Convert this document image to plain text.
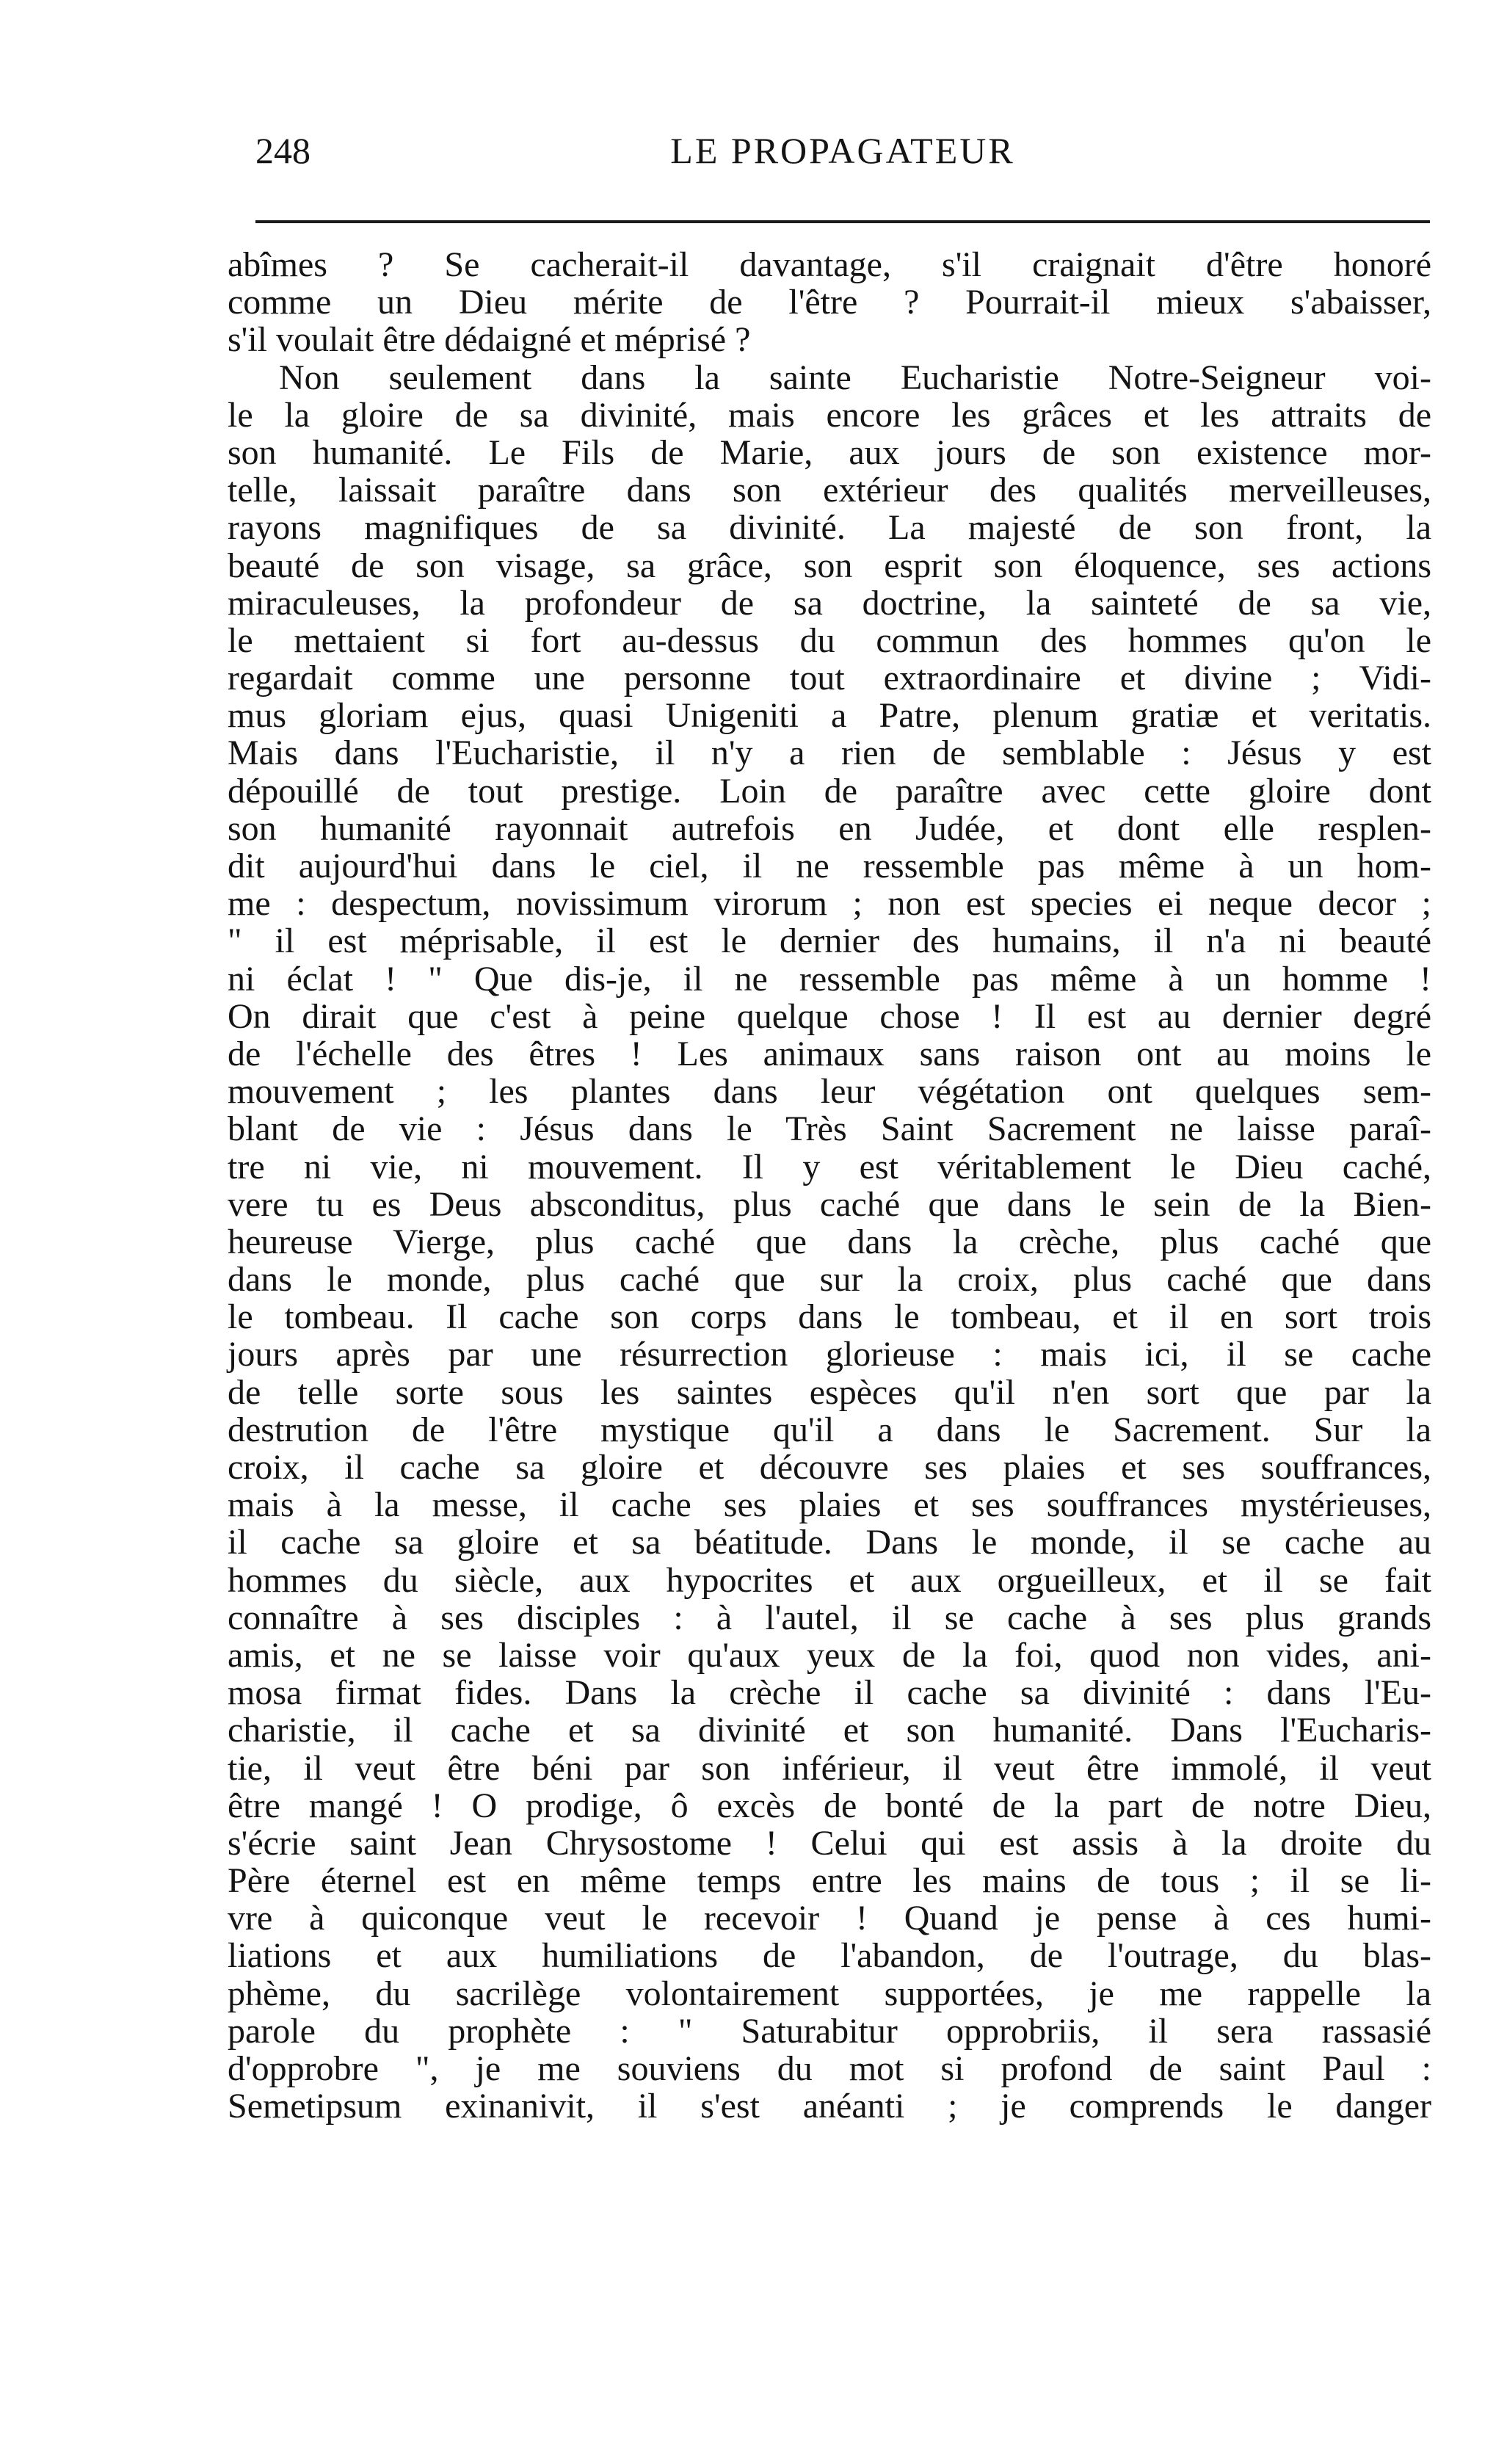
248	LE PROPAGATEUR
abîmes ? Se cacherait-il davantage, s'il craignait d'être honoré
comme un Dieu mérite de l'être ? Pourrait-il mieux s'abaisser,
s'il voulait être dédaigné et méprisé ?
Non seulement dans la sainte Eucharistie Notre-Seigneur voi-
le la gloire de sa divinité, mais encore les grâces et les attraits de
son humanité. Le Fils de Marie, aux jours de son existence mor-
telle, laissait paraître dans son extérieur des qualités merveilleuses,
rayons magnifiques de sa divinité. La majesté de son front, la
beauté de son visage, sa grâce, son esprit son éloquence, ses actions
miraculeuses, la profondeur de sa doctrine, la sainteté de sa vie,
le mettaient si fort au-dessus du commun des hommes qu'on le
regardait comme une personne tout extraordinaire et divine ; Vidi-
mus gloriam ejus, quasi Unigeniti a Patre, plenum gratiæ et veritatis.
Mais dans l'Eucharistie, il n'y a rien de semblable : Jésus y est
dépouillé de tout prestige. Loin de paraître avec cette gloire dont
son humanité rayonnait autrefois en Judée, et dont elle resplen-
dit aujourd'hui dans le ciel, il ne ressemble pas même à un hom-
me : despectum, novissimum virorum ; non est species ei neque decor ;
" il est méprisable, il est le dernier des humains, il n'a ni beauté
ni éclat ! " Que dis-je, il ne ressemble pas même à un homme !
On dirait que c'est à peine quelque chose ! Il est au dernier degré
de l'échelle des êtres ! Les animaux sans raison ont au moins le
mouvement ; les plantes dans leur végétation ont quelques sem-
blant de vie : Jésus dans le Très Saint Sacrement ne laisse paraî-
tre ni vie, ni mouvement. Il y est véritablement le Dieu caché,
vere tu es Deus absconditus, plus caché que dans le sein de la Bien-
heureuse Vierge, plus caché que dans la crèche, plus caché que
dans le monde, plus caché que sur la croix, plus caché que dans
le tombeau. Il cache son corps dans le tombeau, et il en sort trois
jours après par une résurrection glorieuse : mais ici, il se cache
de telle sorte sous les saintes espèces qu'il n'en sort que par la
destrution de l'être mystique qu'il a dans le Sacrement. Sur la
croix, il cache sa gloire et découvre ses plaies et ses souffrances,
mais à la messe, il cache ses plaies et ses souffrances mystérieuses,
il cache sa gloire et sa béatitude. Dans le monde, il se cache au
hommes du siècle, aux hypocrites et aux orgueilleux, et il se fait
connaître à ses disciples : à l'autel, il se cache à ses plus grands
amis, et ne se laisse voir qu'aux yeux de la foi, quod non vides, ani-
mosa firmat fides. Dans la crèche il cache sa divinité : dans l'Eu-
charistie, il cache et sa divinité et son humanité. Dans l'Eucharis-
tie, il veut être béni par son inférieur, il veut être immolé, il veut
être mangé ! O prodige, ô excès de bonté de la part de notre Dieu,
s'écrie saint Jean Chrysostome ! Celui qui est assis à la droite du
Père éternel est en même temps entre les mains de tous ; il se li-
vre à quiconque veut le recevoir ! Quand je pense à ces humi-
liations et aux humiliations de l'abandon, de l'outrage, du blas-
phème, du sacrilège volontairement supportées, je me rappelle la
parole du prophète : " Saturabitur opprobriis, il sera rassasié
d'opprobre ", je me souviens du mot si profond de saint Paul :
Semetipsum exinanivit, il s'est anéanti ; je comprends le danger
